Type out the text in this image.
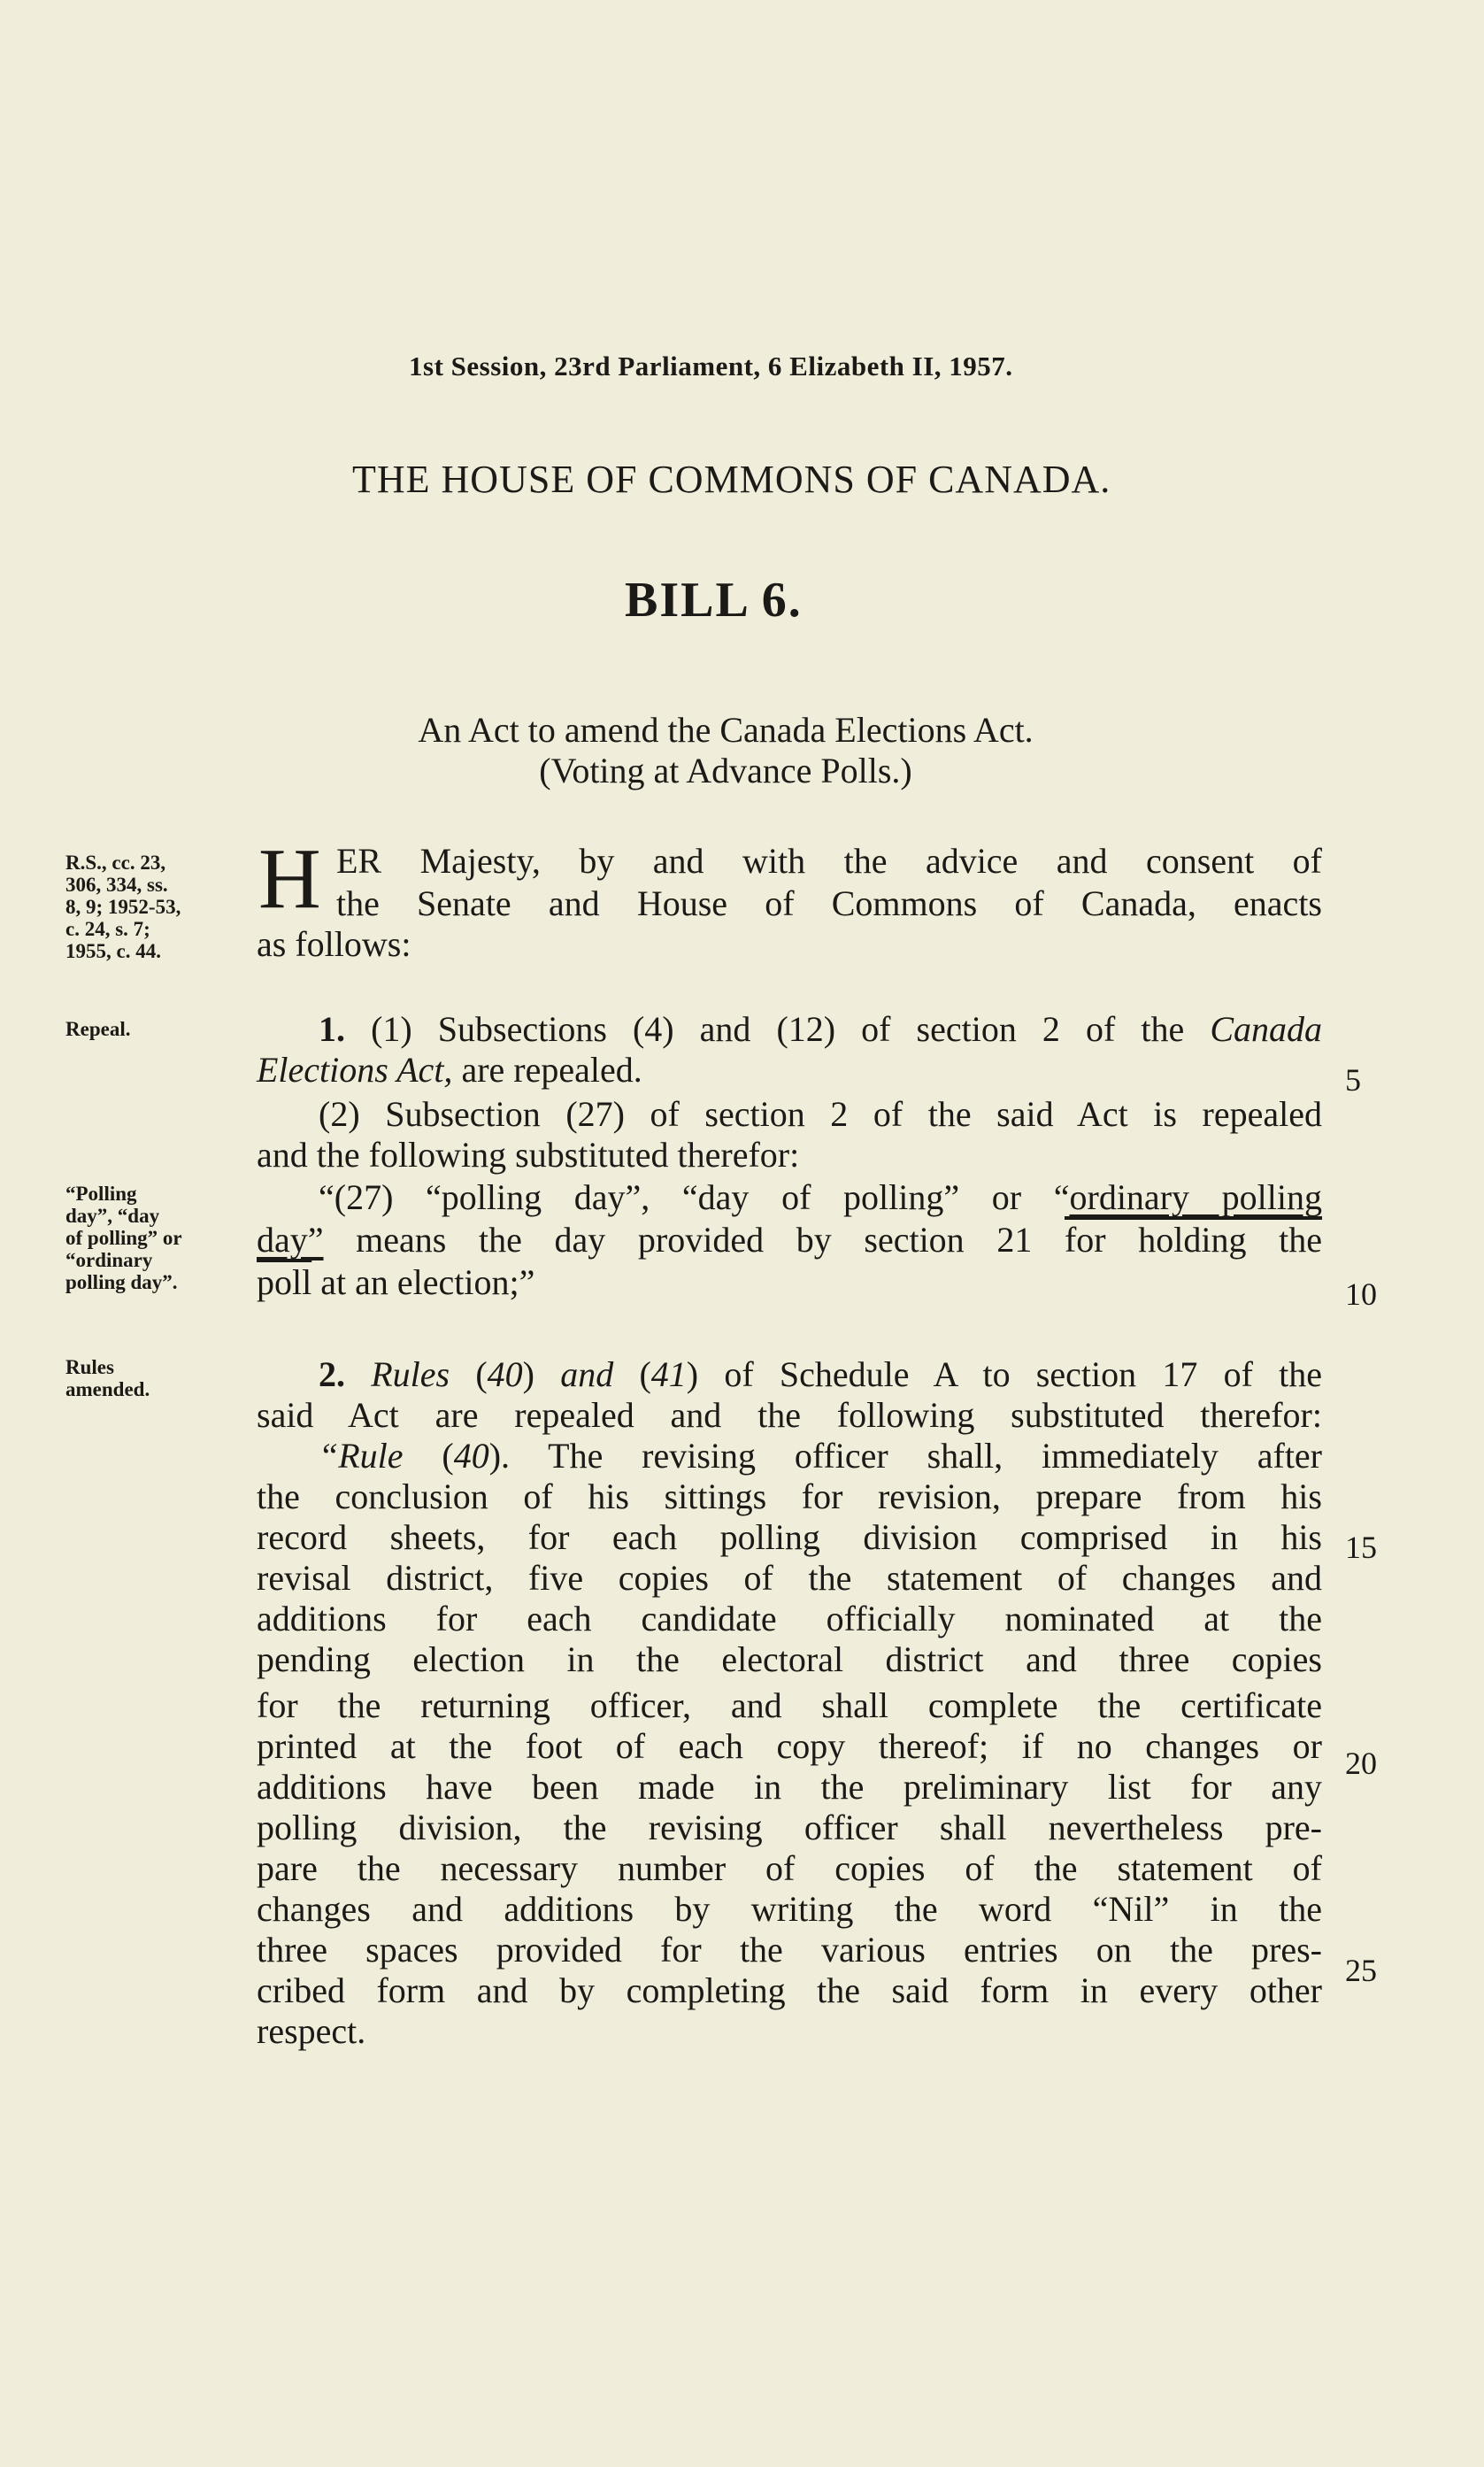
1st Session, 23rd Parliament, 6 Elizabeth II, 1957.
THE HOUSE OF COMMONS OF CANADA.
BILL 6.
An Act to amend the Canada Elections Act.
(Voting at Advance Polls.)
R.S., cc. 23,
306, 334, ss.
8, 9; 1952-53,
c. 24, s. 7;
1955, c. 44.
Repeal.
“Polling
day”, “day
of polling” or
“ordinary
polling day”.
Rules
amended.
H ER Majesty, by and with the advice and consent of
the Senate and House of Commons of Canada, enacts
as follows:
1. (1) Subsections (4) and (12) of section 2 of the Canada
Elections Act, are repealed.
(2) Subsection (27) of section 2 of the said Act is repealed
and the following substituted therefor:
“(27) “polling day”, “day of polling” or “ordinary polling
day” means the day provided by section 21 for holding the
poll at an election;”
2. Rules (40) and (41) of Schedule A to section 17 of the
said Act are repealed and the following substituted therefor:
“Rule (40). The revising officer shall, immediately after
the conclusion of his sittings for revision, prepare from his
record sheets, for each polling division comprised in his
revisal district, five copies of the statement of changes and
additions for each candidate officially nominated at the
pending election in the electoral district and three copies
for the returning officer, and shall complete the certificate
printed at the foot of each copy thereof; if no changes or
additions have been made in the preliminary list for any
polling division, the revising officer shall nevertheless pre-
pare the necessary number of copies of the statement of
changes and additions by writing the word “Nil” in the
three spaces provided for the various entries on the pres-
cribed form and by completing the said form in every other
respect.
5
10
15
20
25
